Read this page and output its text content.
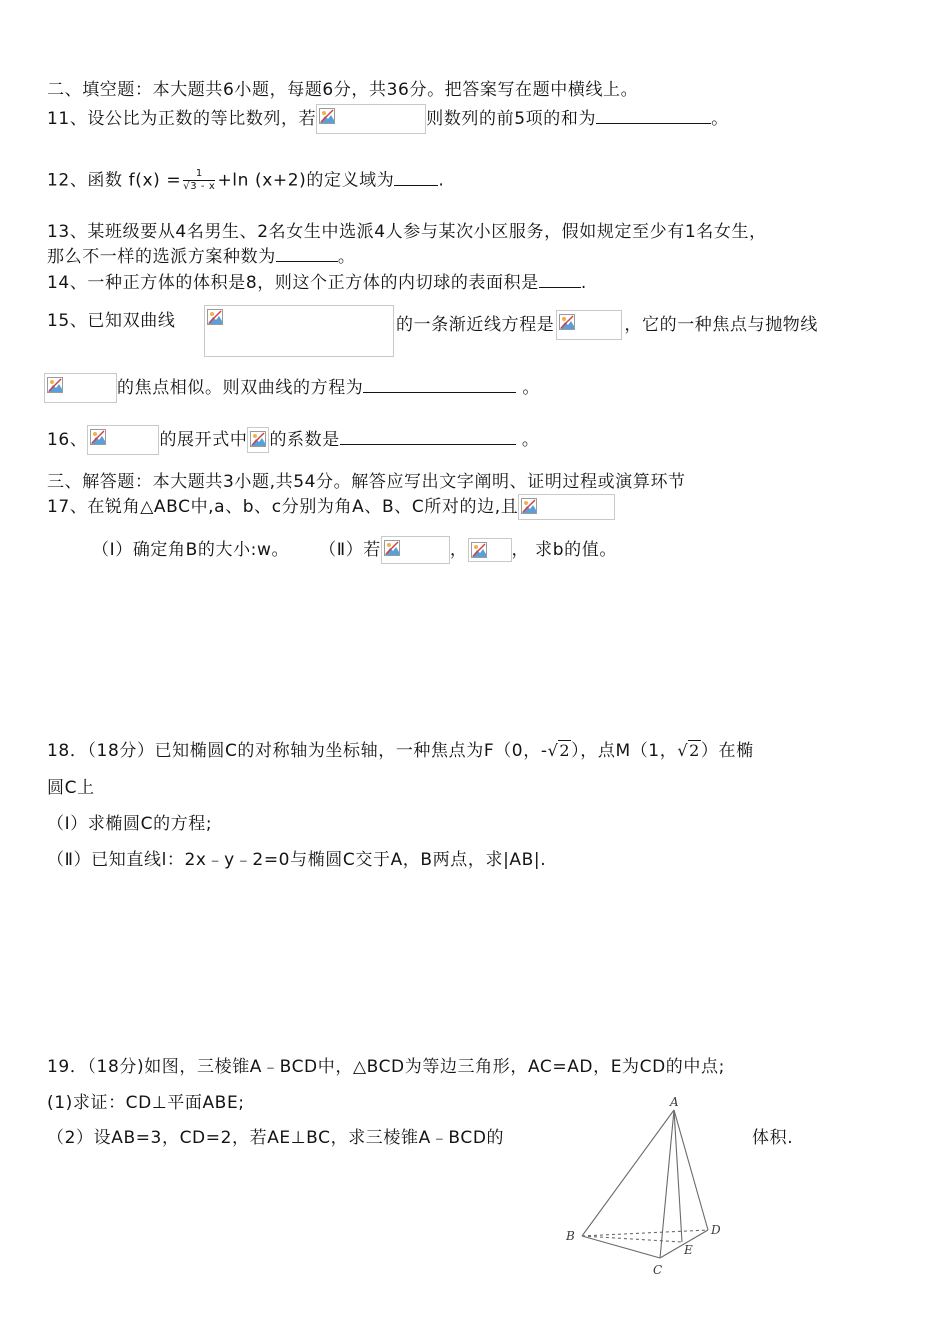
二、填空题：本大题共6小题，每题6分，共36分。把答案写在题中横线上。
11、设公比为正数的等比数列，若	则数列的前5项的和为	。
12、函数 $f(x) = \frac{1}{√3 - x} +\ln$ (x+2)的定义域为	.
13、某班级要从4名男生、2名女生中选派4人参与某次小区服务，假如规定至少有1名女生，
那么不一样的选派方案种数为	。
14、一种正方体的体积是8，则这个正方体的内切球的表面积是 .
15、已知双曲线	的一条渐近线方程是	，它的一种焦点与抛物线
的焦点相似。则双曲线的方程为	。
16、	的展开式中 的系数是	。
三、解答题：本大题共3小题,共54分。解答应写出文字阐明、证明过程或演算环节
17、在锐角△ABC中,a、b、c分别为角A、B、C所对的边,且
（Ⅰ）确定角B的大小:w。 （Ⅱ）若	，	， 求b的值。
18．（18分）已知椭圆C的对称轴为坐标轴，一种焦点为F（0，-√2），点M（1，√2）在椭
圆C上
（Ⅰ）求椭圆C的方程;
（Ⅱ）已知直线l：2x﹣y﹣2=0与椭圆C交于A，B两点，求|AB|.
19．（18分)如图，三棱锥A﹣BCD中，△BCD为等边三角形，AC=AD，E为CD的中点;
(1)求证：CD⊥平面ABE;
（2）设AB=3，CD=2，若AE⊥BC，求三棱锥A﹣BCD的	体积.
A
B
C
D
E
